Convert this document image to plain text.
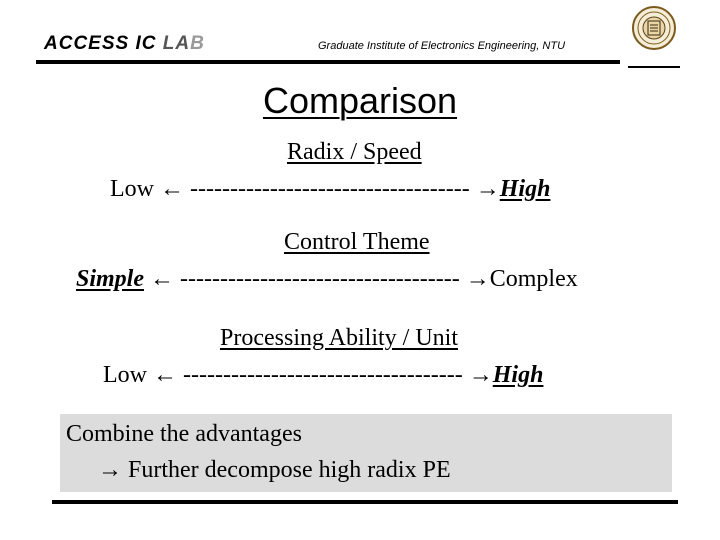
ACCESS IC LAB	Graduate Institute of Electronics Engineering, NTU
Comparison
Radix / Speed
Low ← ----------------------------------- →High
Control Theme
Simple ← ----------------------------------- →Complex
Processing Ability / Unit
Low ← ----------------------------------- →High
Combine the advantages
→ Further decompose high radix PE
